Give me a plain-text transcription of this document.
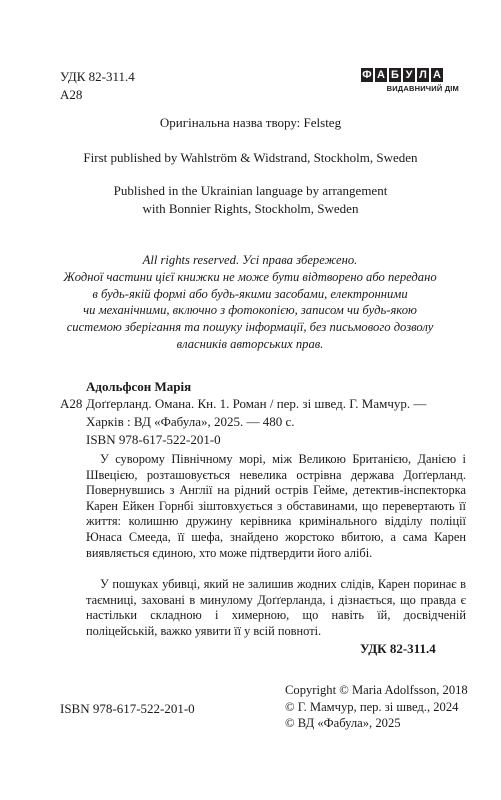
УДК 82-311.4
А28
Ф А Б У Л А
ВИДАВНИЧИЙ ДІМ
Оригінальна назва твору: Felsteg
First published by Wahlström & Widstrand, Stockholm, Sweden
Published in the Ukrainian language by arrangement
with Bonnier Rights, Stockholm, Sweden
All rights reserved. Усі права збережено.
Жодної частини цієї книжки не може бути відтворено або передано
в будь-якій формі або будь-якими засобами, електронними
чи механічними, включно з фотокопією, записом чи будь-якою
системою зберігання та пошуку інформації, без письмового дозволу
власників авторських прав.
Адольфсон Марія
А28 Доґґерланд. Омана. Кн. 1. Роман / пер. зі швед. Г. Мамчур. —
Харків : ВД «Фабула», 2025. — 480 с.
ISBN 978-617-522-201-0
У суворому Північному морі, між Великою Британією, Данією і Швецією, розташовується невелика острівна держава Доґґерланд. Повернувшись з Англії на рідний острів Гейме, детектив-інспекторка Карен Ейкен Горнбі зіштовхується з обставинами, що перевертають її життя: колишню дружину керівника кримінального відділу поліції Юнаса Смееда, її шефа, знайдено жорстоко вбитою, а сама Карен виявляється єдиною, хто може підтвердити його алібі.
У пошуках убивці, який не залишив жодних слідів, Карен поринає в таємниці, заховані в минулому Доґґерланда, і дізнається, що правда є настільки складною і химерною, що навіть їй, досвідченій поліцейській, важко уявити її у всій повноті.
УДК 82-311.4
ISBN 978-617-522-201-0
Copyright © Maria Adolfsson, 2018
© Г. Мамчур, пер. зі швед., 2024
© ВД «Фабула», 2025
